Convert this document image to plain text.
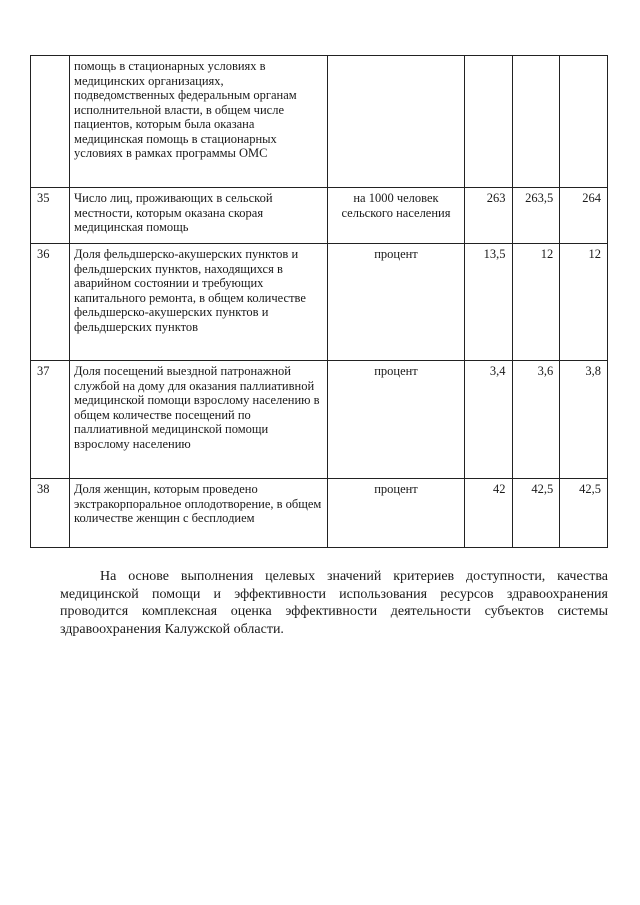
	помощь в стационарных условиях в медицинских организациях, подведомственных федеральным органам исполнительной власти, в общем числе пациентов, которым была оказана медицинская помощь в стационарных условиях в рамках программы ОМС				
35	Число лиц, проживающих в сельской местности, которым оказана скорая медицинская помощь	на 1000 человек сельского населения	263	263,5	264
36	Доля фельдшерско-акушерских пунктов и фельдшерских пунктов, находящихся в аварийном состоянии и требующих капитального ремонта, в общем количестве фельдшерско-акушерских пунктов и фельдшерских пунктов	процент	13,5	12	12
37	Доля посещений выездной патронажной службой на дому для оказания паллиативной медицинской помощи взрослому населению в общем количестве посещений по паллиативной медицинской помощи взрослому населению	процент	3,4	3,6	3,8
38	Доля женщин, которым проведено экстракорпоральное оплодотворение, в общем количестве женщин с бесплодием	процент	42	42,5	42,5

На основе выполнения целевых значений критериев доступности, качества медицинской помощи и эффективности использования ресурсов здравоохранения проводится комплексная оценка эффективности деятельности субъектов системы здравоохранения Калужской области.
